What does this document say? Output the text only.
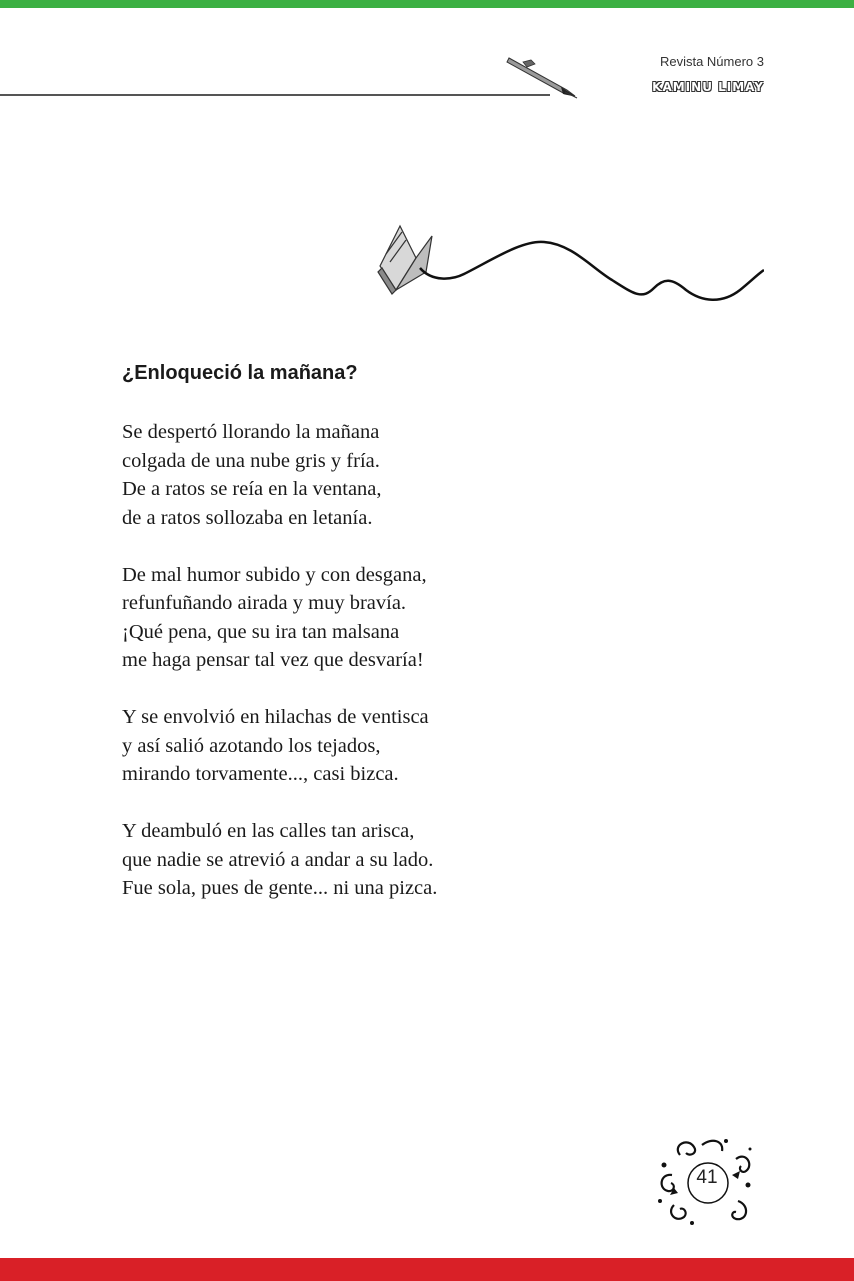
Revista Número 3
KAMINU LIMAY
¿Enloqueció la mañana?
Se despertó llorando la mañana
colgada de una nube gris y fría.
De a ratos se reía en la ventana,
de a ratos sollozaba en letanía.
De mal humor subido y con desgana,
refunfuñando airada y muy bravía.
¡Qué pena, que su ira tan malsana
me haga pensar tal vez que desvaría!
Y se envolvió en hilachas de ventisca
y así salió azotando los tejados,
mirando torvamente..., casi bizca.
Y deambuló en las calles tan arisca,
que nadie se atrevió a andar a su lado.
Fue sola, pues de gente... ni una pizca.
41
